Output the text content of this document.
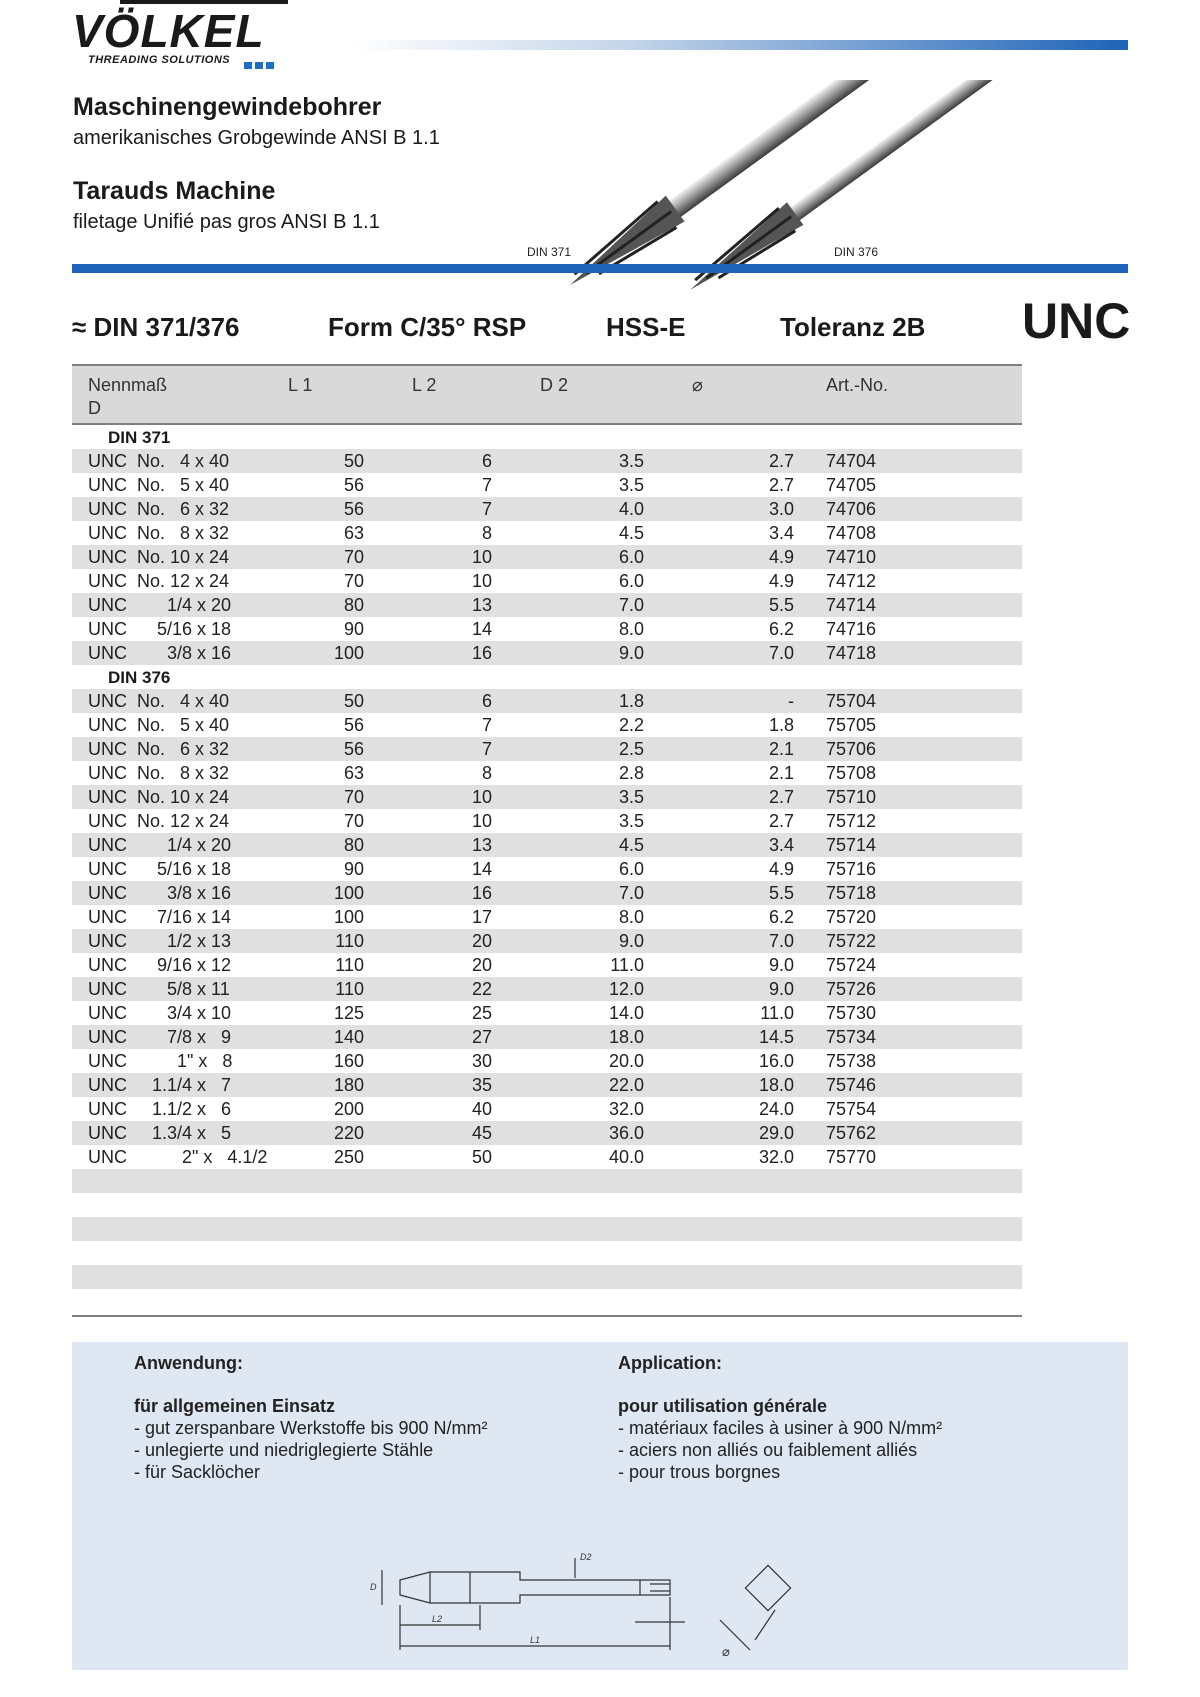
VÖLKEL
THREADING SOLUTIONS
Maschinengewindebohrer
amerikanisches Grobgewinde ANSI B 1.1
Tarauds Machine
filetage Unifié pas gros ANSI B 1.1
DIN 371	DIN 376
≈ DIN 371/376	Form C/35° RSP	HSS-E	Toleranz 2B UNC
Nennmaß
D
L 1	L 2	D 2	⌀	Art.-No.
DIN 371
UNC  No.   4 x 40	50	6	3.5	2.7 74704
UNC  No.   5 x 40	56	7	3.5	2.7 74705
UNC  No.   6 x 32	56	7	4.0	3.0 74706
UNC  No.   8 x 32	63	8	4.5	3.4 74708
UNC  No. 10 x 24	70	10	6.0	4.9 74710
UNC  No. 12 x 24	70	10	6.0	4.9 74712
UNC        1/4 x 20	80	13	7.0	5.5 74714
UNC      5/16 x 18	90	14	8.0	6.2 74716
UNC        3/8 x 16	100	16	9.0	7.0 74718
DIN 376
UNC  No.   4 x 40	50	6	1.8	- 75704
UNC  No.   5 x 40	56	7	2.2	1.8 75705
UNC  No.   6 x 32	56	7	2.5	2.1 75706
UNC  No.   8 x 32	63	8	2.8	2.1 75708
UNC  No. 10 x 24	70	10	3.5	2.7 75710
UNC  No. 12 x 24	70	10	3.5	2.7 75712
UNC        1/4 x 20	80	13	4.5	3.4 75714
UNC      5/16 x 18	90	14	6.0	4.9 75716
UNC        3/8 x 16	100	16	7.0	5.5 75718
UNC      7/16 x 14	100	17	8.0	6.2 75720
UNC        1/2 x 13	110	20	9.0	7.0 75722
UNC      9/16 x 12	110	20	11.0	9.0 75724
UNC        5/8 x 11	110	22	12.0	9.0 75726
UNC        3/4 x 10	125	25	14.0	11.0 75730
UNC        7/8 x   9	140	27	18.0	14.5 75734
UNC          1" x   8	160	30	20.0	16.0 75738
UNC     1.1/4 x   7	180	35	22.0	18.0 75746
UNC     1.1/2 x   6	200	40	32.0	24.0 75754
UNC     1.3/4 x   5	220	45	36.0	29.0 75762
UNC           2" x   4.1/2	250	50	40.0	32.0 75770
Anwendung:
für allgemeinen Einsatz
- gut zerspanbare Werkstoffe bis 900 N/mm²
- unlegierte und niedriglegierte Stähle
- für Sacklöcher
Application:
pour utilisation générale
- matériaux faciles à usiner à 900 N/mm²
- aciers non alliés ou faiblement alliés
- pour trous borgnes
D
D2
L2
L1
⌀
